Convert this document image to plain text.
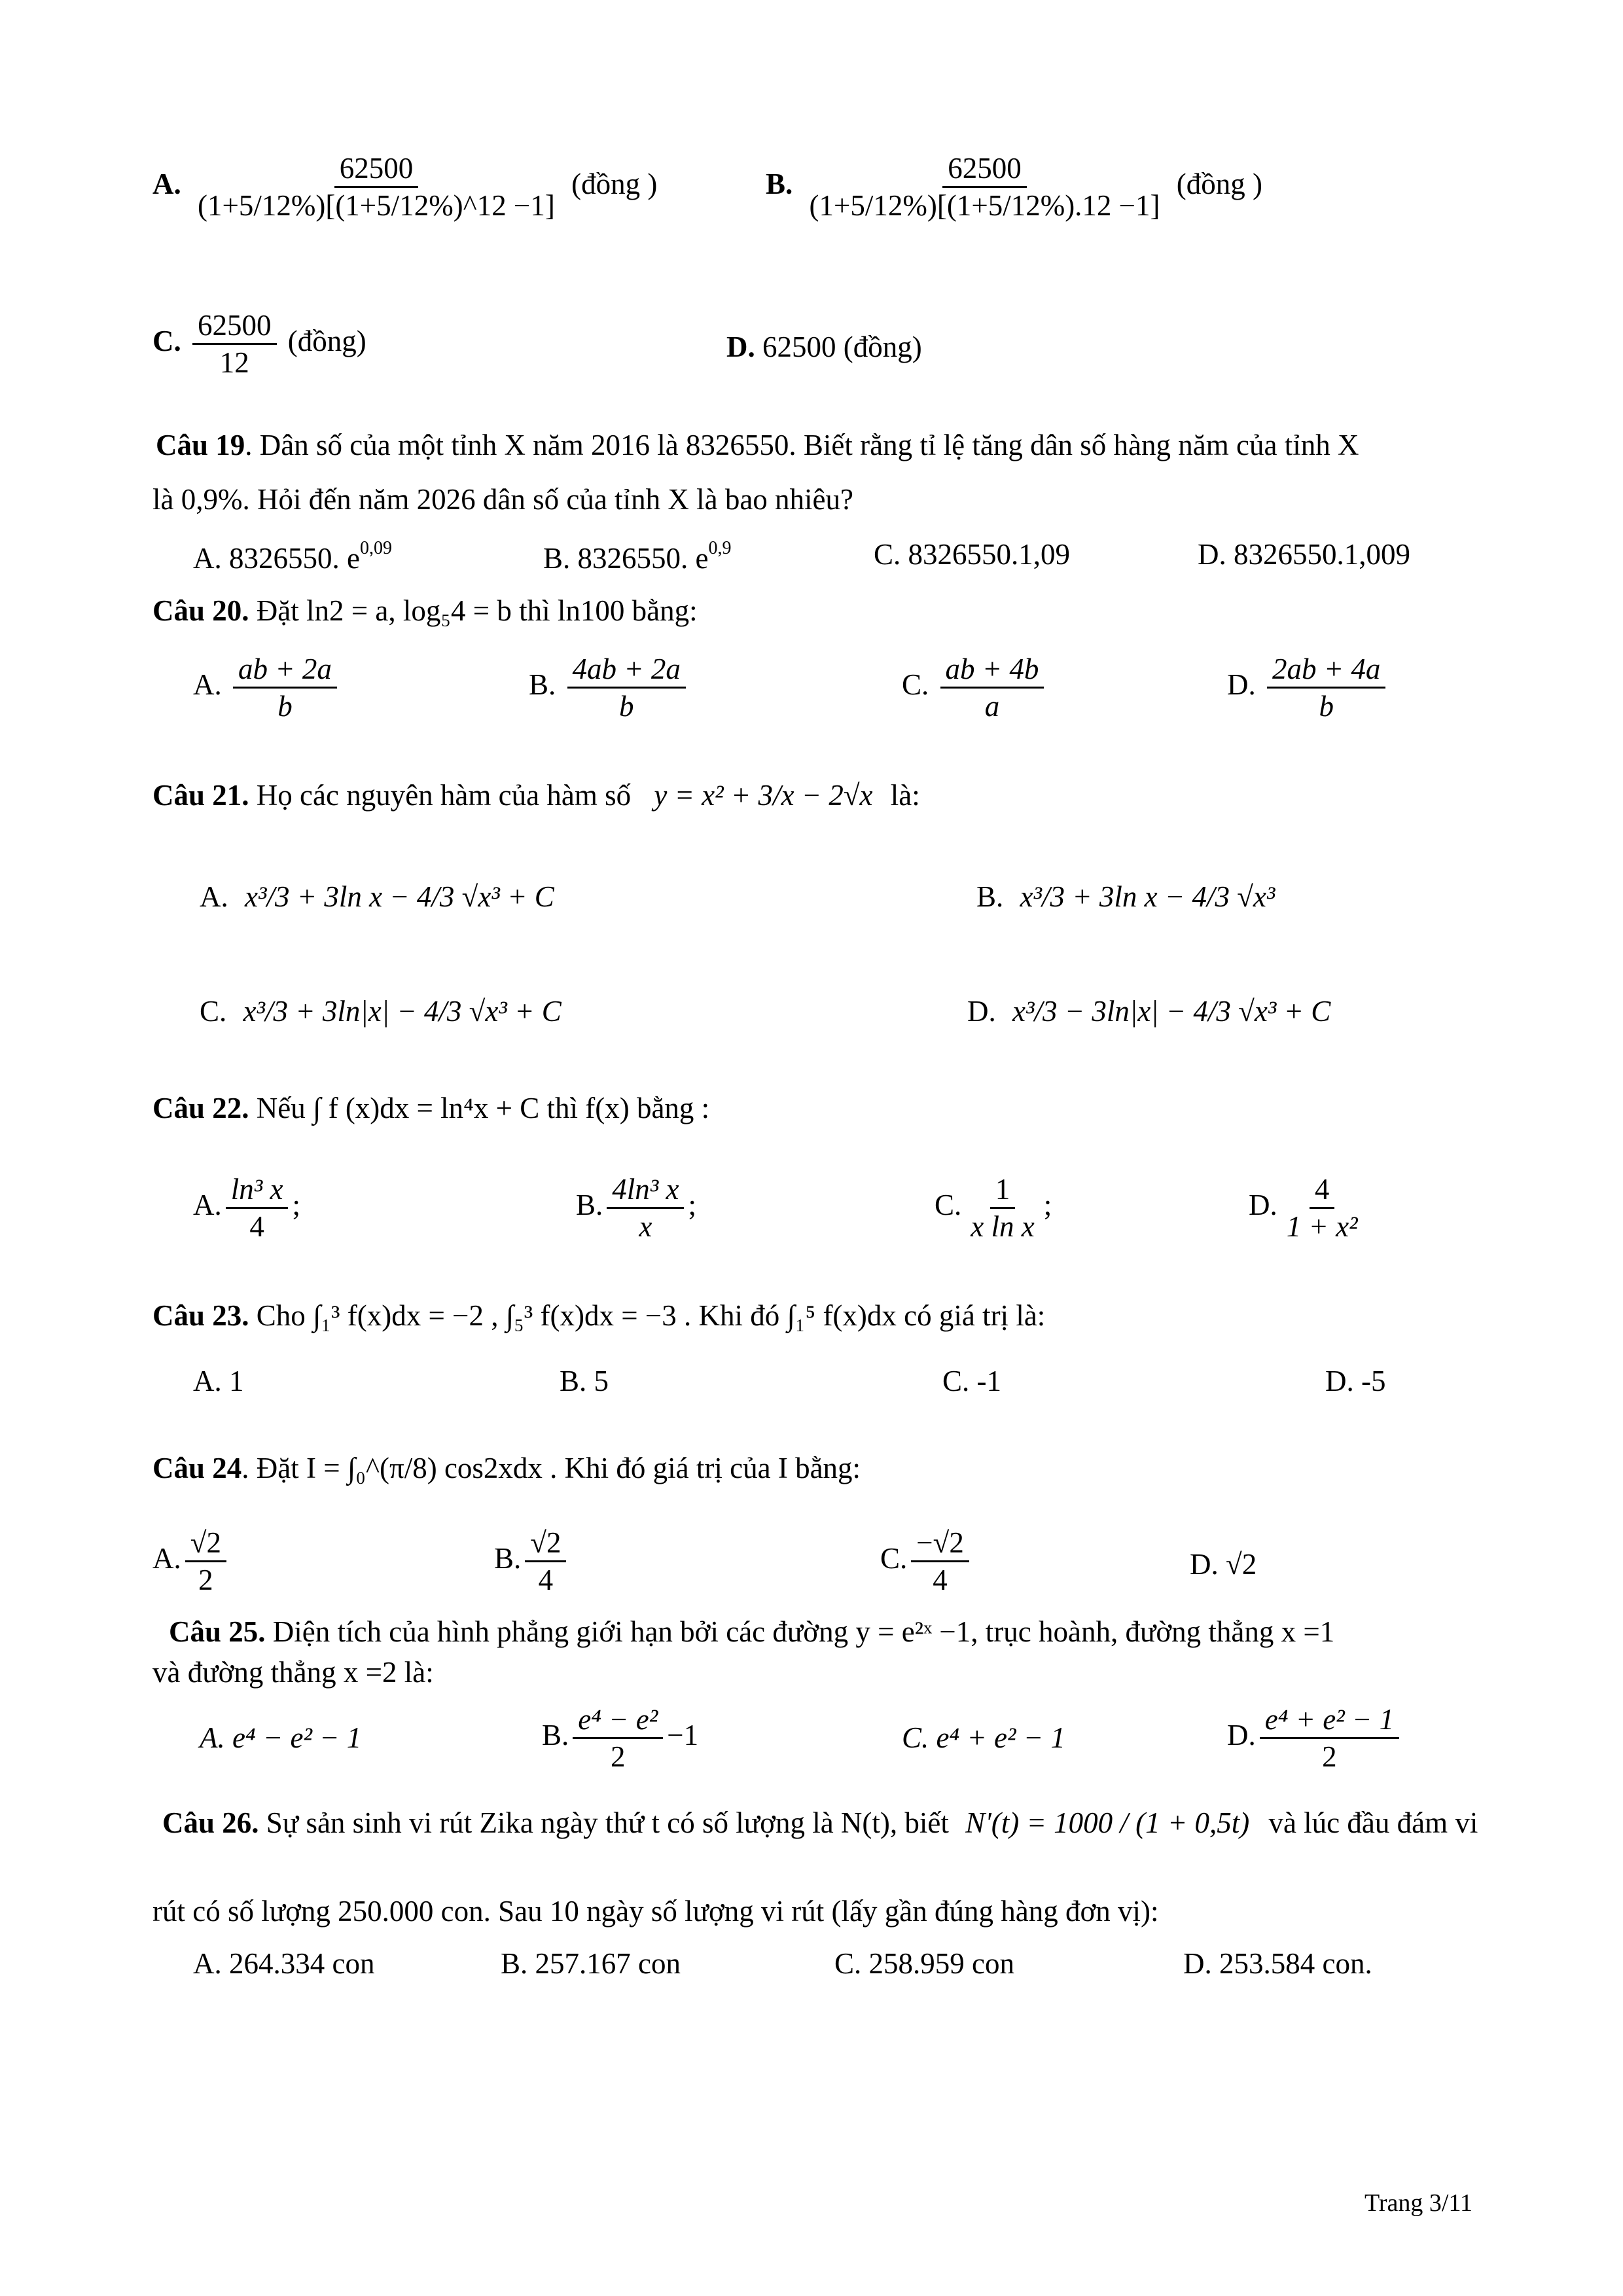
A. $\frac{62500}{(1+5/12\%)[(1+5/12\%)\^{}12 -1]}$ (đồng )	B. $\frac{62500}{(1+5/12\%)[(1+5/12\%).12 -1]}$ (đồng )
C. $\frac{62500}{12}$ (đồng)	D. 62500 (đồng)
Câu 19. Dân số của một tỉnh X năm 2016 là 8326550. Biết rằng tỉ lệ tăng dân số hàng năm của tỉnh X
là 0,9%. Hỏi đến năm 2026 dân số của tỉnh X là bao nhiêu?
A. 8326550. $e^{0,09}$	B. 8326550. $e^{0,9}$	C. 8326550.1,09	D. 8326550.1,009
Câu 20. Đặt ln2 = a, log₅4 = b thì ln100 bằng:
A. $\frac{ab + 2a}{b}$	B. $\frac{4ab + 2a}{b}$	C. $\frac{ab + 4b}{a}$	D. $\frac{2ab + 4a}{b}$
Câu 21. Họ các nguyên hàm của hàm số y = x² + 3/x − 2√x là:
A. x³/3 + 3ln x − 4/3 √x³ + C	B. x³/3 + 3ln x − 4/3 √x³
C. x³/3 + 3ln|x| − 4/3 √x³ + C	D. x³/3 − 3ln|x| − 4/3 √x³ + C
Câu 22. Nếu ∫ f (x)dx = ln⁴x + C thì f(x) bằng :
A. $\frac{\text{ln³ x}}{4}$ ;	B. $\frac{\text{4ln³ x}}{x}$ ;	C. $\frac{1}{\text{x ln x}}$ ;	D. $\frac{4}{\text{1 + x²}}$
Câu 23. Cho ∫₁³ f(x)dx = −2 , ∫₅³ f(x)dx = −3 . Khi đó ∫₁⁵ f(x)dx có giá trị là:
A. 1	B. 5	C. -1	D. -5
Câu 24. Đặt I = ∫₀^(π/8) cos2xdx . Khi đó giá trị của I bằng:
A. $\frac{√2}{2}$	B. $\frac{√2}{4}$	C. $\frac{-√2}{4}$	D. √2
Câu 25. Diện tích của hình phẳng giới hạn bởi các đường y = e²ˣ −1, trục hoành, đường thẳng x =1
và đường thẳng x =2 là:
A. e⁴ − e² − 1	B. $\frac{\text{e⁴ − e²}}{2} -1$	C. e⁴ + e² − 1	D. $\frac{\text{e⁴ + e² − 1}}{2}$
Câu 26. Sự sản sinh vi rút Zika ngày thứ t có số lượng là N(t), biết N'(t) = 1000 / (1 + 0,5t) và lúc đầu đám vi
rút có số lượng 250.000 con. Sau 10 ngày số lượng vi rút (lấy gần đúng hàng đơn vị):
A. 264.334 con	B. 257.167 con	C. 258.959 con	D. 253.584 con.
Trang 3/11
